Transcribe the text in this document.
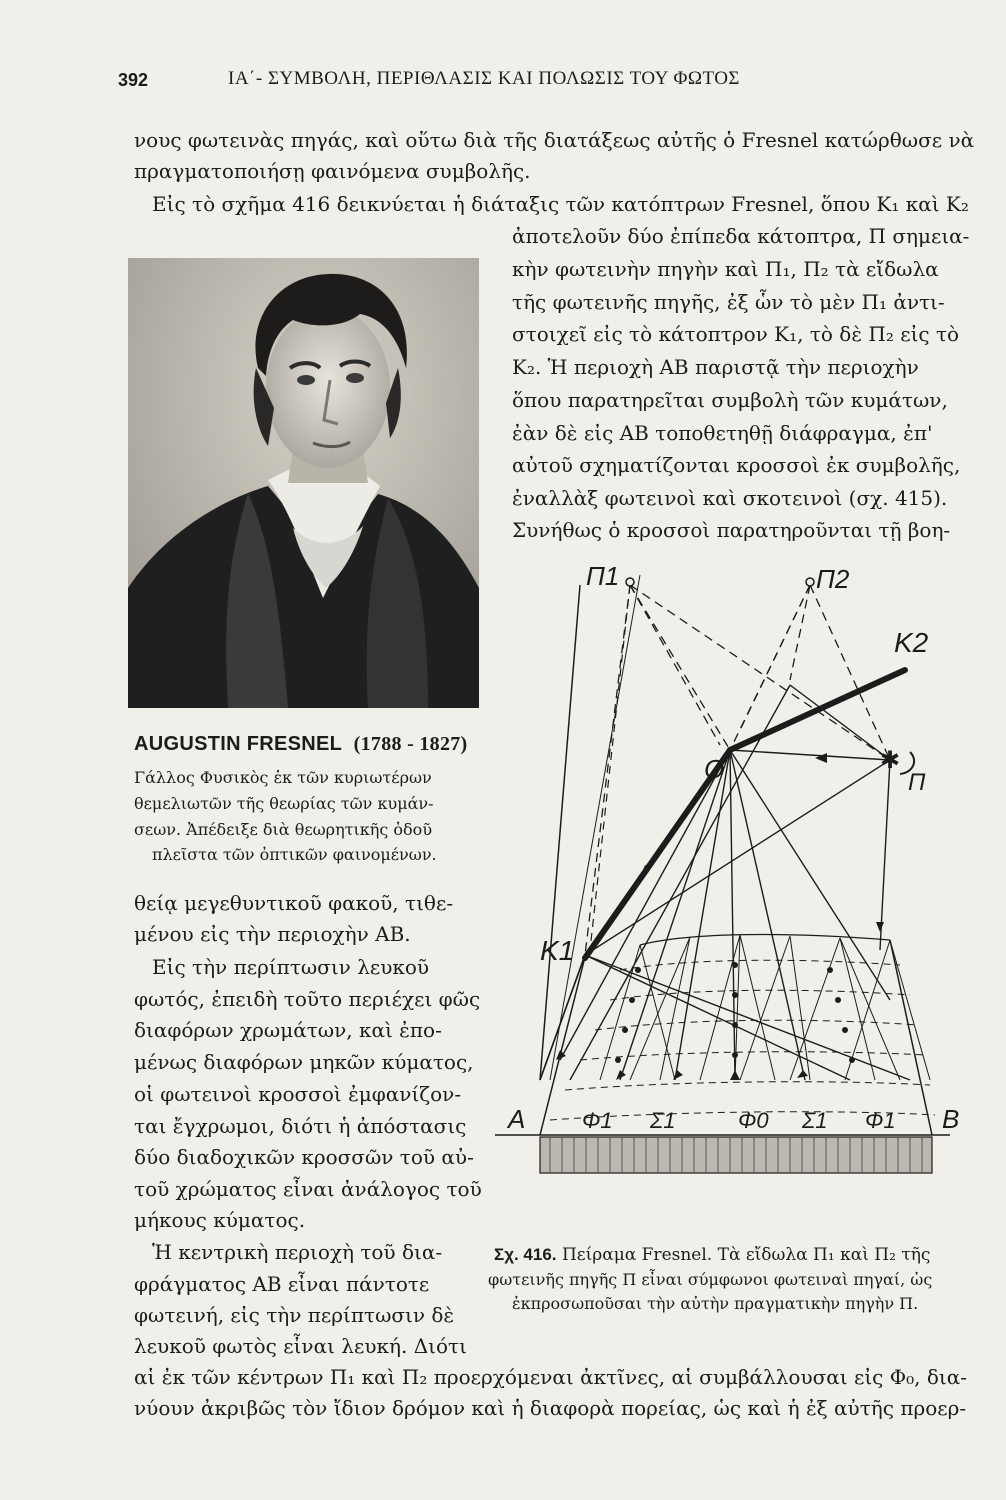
392	ΙΑ΄- ΣΥΜΒΟΛΗ, ΠΕΡΙΘΛΑΣΙΣ ΚΑΙ ΠΟΛΩΣΙΣ ΤΟΥ ΦΩΤΟΣ
νους φωτεινὰς πηγάς, καὶ οὕτω διὰ τῆς διατάξεως αὐτῆς ὁ Fresnel κατώρθωσε νὰ
πραγματοποιήσῃ φαινόμενα συμβολῆς.
Εἰς τὸ σχῆμα 416 δεικνύεται ἡ διάταξις τῶν κατόπτρων Fresnel, ὅπου Κ₁ καὶ Κ₂
ἀποτελοῦν δύο ἐπίπεδα κάτοπτρα, Π σημεια-
κὴν φωτεινὴν πηγὴν καὶ Π₁, Π₂ τὰ εἴδωλα
τῆς φωτεινῆς πηγῆς, ἐξ ὧν τὸ μὲν Π₁ ἀντι-
στοιχεῖ εἰς τὸ κάτοπτρον Κ₁, τὸ δὲ Π₂ εἰς τὸ
Κ₂. Ἡ περιοχὴ ΑΒ παριστᾷ τὴν περιοχὴν
ὅπου παρατηρεῖται συμβολὴ τῶν κυμάτων,
ἐὰν δὲ εἰς ΑΒ τοποθετηθῇ διάφραγμα, ἐπ'
αὐτοῦ σχηματίζονται κροσσοὶ ἐκ συμβολῆς,
ἐναλλὰξ φωτεινοὶ καὶ σκοτεινοὶ (σχ. 415).
Συνήθως ὁ κροσσοὶ παρατηροῦνται τῇ βοη-
AUGUSTIN FRESNEL (1788 - 1827)
Γάλλος Φυσικὸς ἐκ τῶν κυριωτέρων
θεμελιωτῶν τῆς θεωρίας τῶν κυμάν-
σεων. Ἀπέδειξε διὰ θεωρητικῆς ὁδοῦ
πλεῖστα τῶν ὀπτικῶν φαινομένων.
θείᾳ μεγεθυντικοῦ φακοῦ, τιθε-
μένου εἰς τὴν περιοχὴν ΑΒ.
Εἰς τὴν περίπτωσιν λευκοῦ
φωτός, ἐπειδὴ τοῦτο περιέχει φῶς
διαφόρων χρωμάτων, καὶ ἐπο-
μένως διαφόρων μηκῶν κύματος,
οἱ φωτεινοὶ κροσσοὶ ἐμφανίζον-
ται ἔγχρωμοι, διότι ἡ ἀπόστασις
δύο διαδοχικῶν κροσσῶν τοῦ αὐ-
τοῦ χρώματος εἶναι ἀνάλογος τοῦ
μήκους κύματος.
Ἡ κεντρικὴ περιοχὴ τοῦ δια-
φράγματος ΑΒ εἶναι πάντοτε
φωτεινή, εἰς τὴν περίπτωσιν δὲ
λευκοῦ φωτὸς εἶναι λευκή. Διότι
✱
Π1	Π2
K2
K1
O	Π
A	B
Φ1 Σ1	Φ0 Σ1 Φ1
Σχ. 416. Πείραμα Fresnel. Τὰ εἴδωλα Π₁ καὶ Π₂ τῆς
φωτεινῆς πηγῆς Π εἶναι σύμφωνοι φωτειναὶ πηγαί, ὡς
ἐκπροσωποῦσαι τὴν αὐτὴν πραγματικὴν πηγὴν Π.
αἱ ἐκ τῶν κέντρων Π₁ καὶ Π₂ προερχόμεναι ἀκτῖνες, αἱ συμβάλλουσαι εἰς Φ₀, δια-
νύουν ἀκριβῶς τὸν ἴδιον δρόμον καὶ ἡ διαφορὰ πορείας, ὡς καὶ ἡ ἐξ αὐτῆς προερ-
